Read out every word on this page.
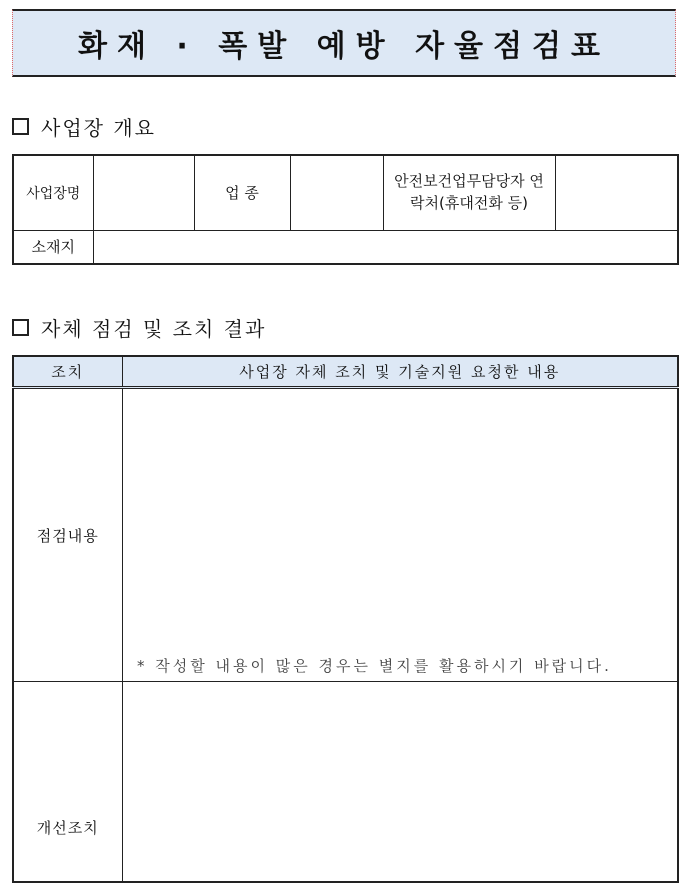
화재 · 폭발 예방 자율점검표
사업장 개요
사업장명		업 종		안전보건업무담당자 연락처(휴대전화 등)	
소재지					
자체 점검 및 조치 결과
조치	사업장 자체 조치 및 기술지원 요청한 내용
점검내용	
개선조치	
* 작성할 내용이 많은 경우는 별지를 활용하시기 바랍니다.
